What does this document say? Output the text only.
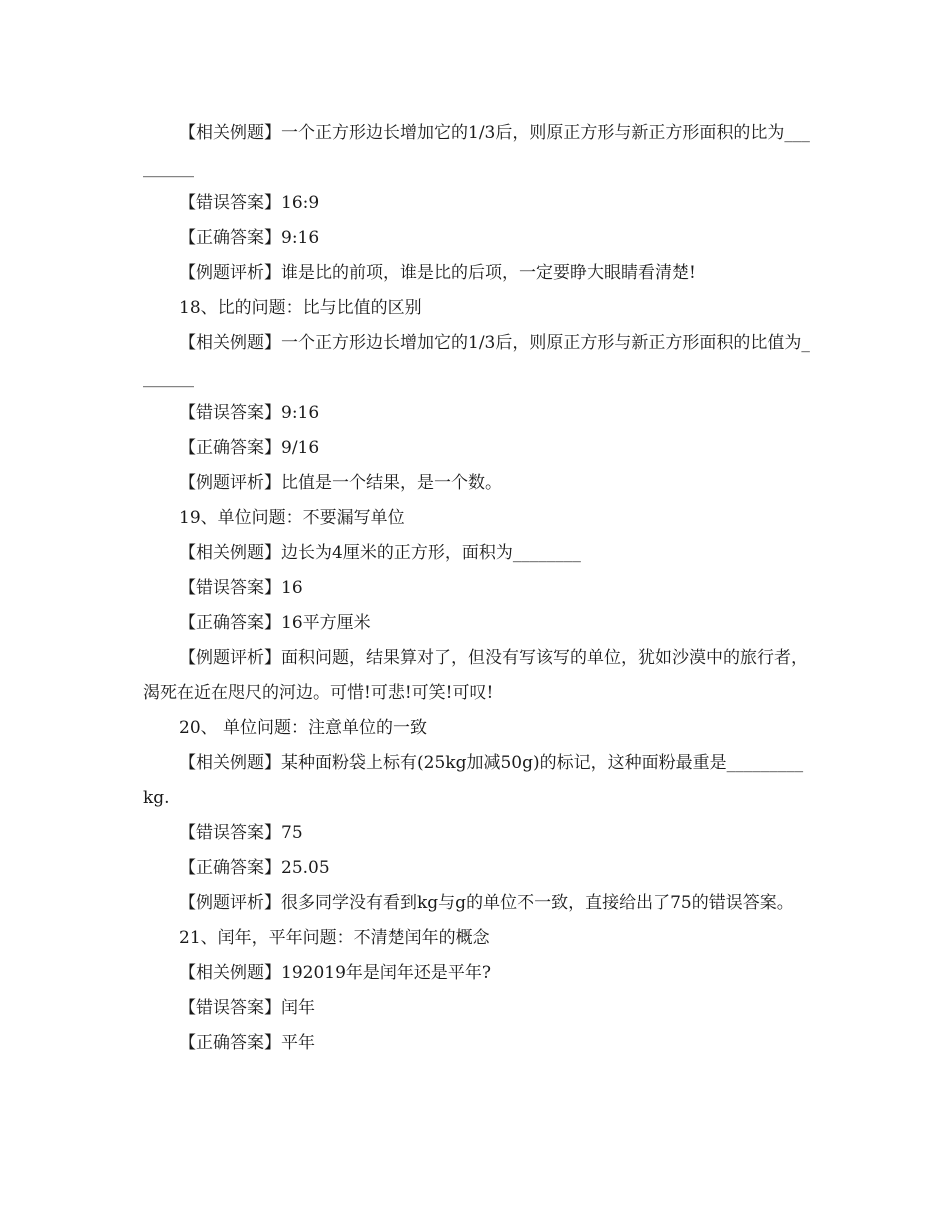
【相关例题】一个正方形边长增加它的1/3后，则原正方形与新正方形面积的比为_________

【错误答案】16:9

【正确答案】9:16

【例题评析】谁是比的前项，谁是比的后项，一定要睁大眼睛看清楚!

18、比的问题：比与比值的区别

【相关例题】一个正方形边长增加它的1/3后，则原正方形与新正方形面积的比值为_______

【错误答案】9:16

【正确答案】9/16

【例题评析】比值是一个结果，是一个数。

19、单位问题：不要漏写单位

【相关例题】边长为4厘米的正方形，面积为________

【错误答案】16

【正确答案】16平方厘米

【例题评析】面积问题，结果算对了，但没有写该写的单位，犹如沙漠中的旅行者，渴死在近在咫尺的河边。可惜!可悲!可笑!可叹!

20、 单位问题：注意单位的一致

【相关例题】某种面粉袋上标有(25kg加减50g)的标记，这种面粉最重是_________kg.

【错误答案】75

【正确答案】25.05

【例题评析】很多同学没有看到kg与g的单位不一致，直接给出了75的错误答案。

21、闰年，平年问题：不清楚闰年的概念

【相关例题】192019年是闰年还是平年?

【错误答案】闰年

【正确答案】平年
